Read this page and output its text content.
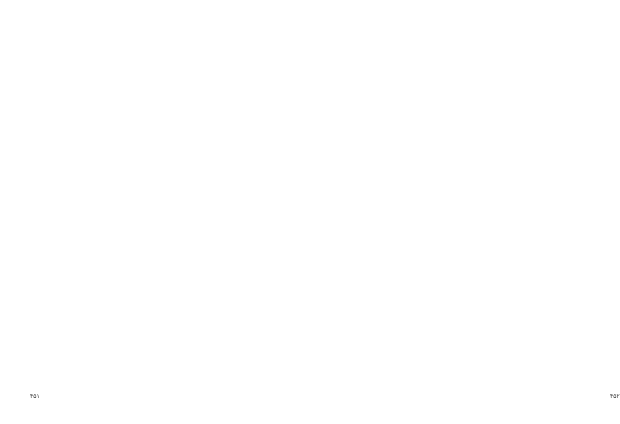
۴۵۱	۴۵۲
